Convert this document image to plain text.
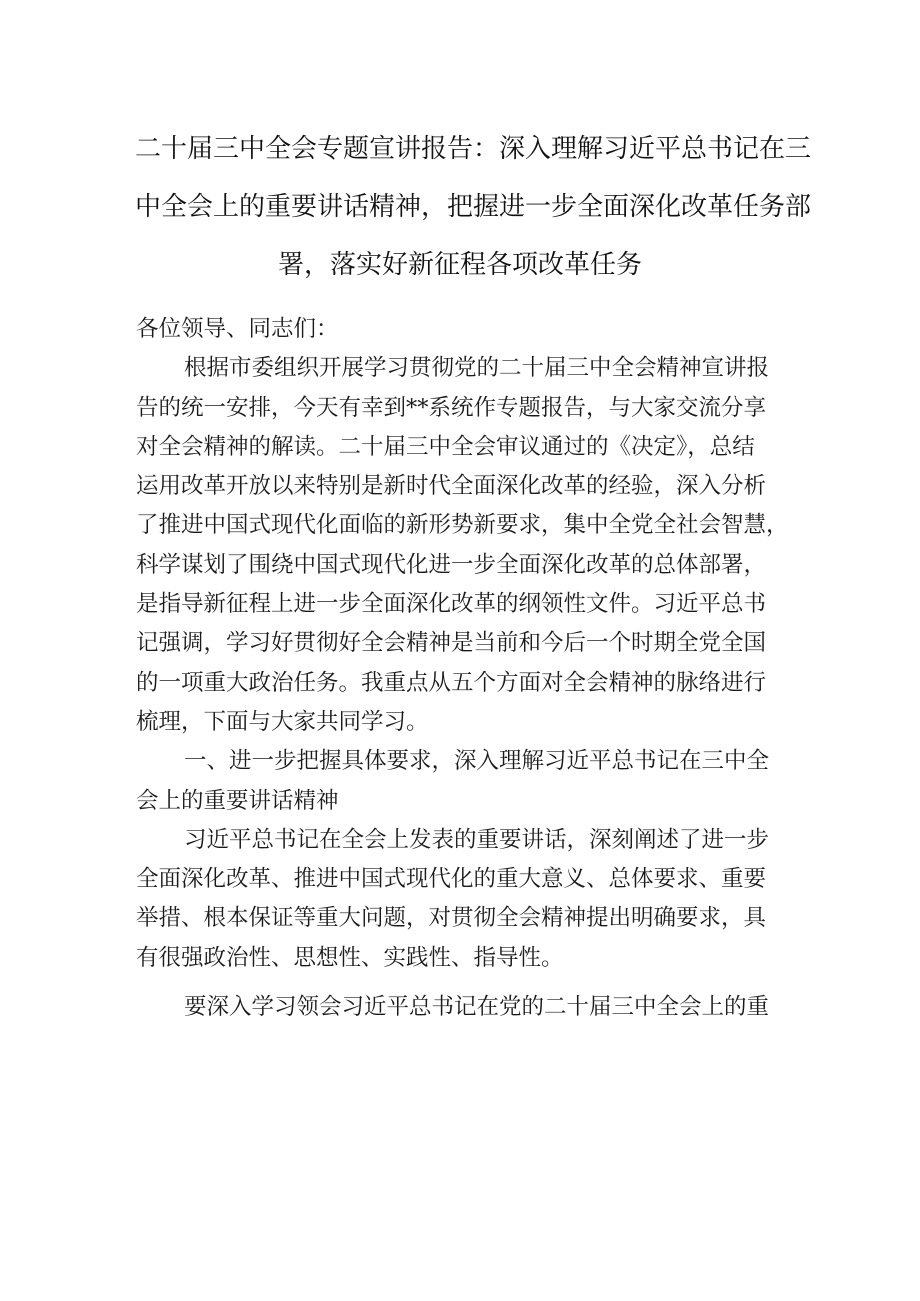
二十届三中全会专题宣讲报告：深入理解习近平总书记在三
中全会上的重要讲话精神，把握进一步全面深化改革任务部
署，落实好新征程各项改革任务
各位领导、同志们：
根据市委组织开展学习贯彻党的二十届三中全会精神宣讲报
告的统一安排，今天有幸到**系统作专题报告，与大家交流分享
对全会精神的解读。二十届三中全会审议通过的《决定》，总结
运用改革开放以来特别是新时代全面深化改革的经验，深入分析
了推进中国式现代化面临的新形势新要求，集中全党全社会智慧，
科学谋划了围绕中国式现代化进一步全面深化改革的总体部署，
是指导新征程上进一步全面深化改革的纲领性文件。习近平总书
记强调，学习好贯彻好全会精神是当前和今后一个时期全党全国
的一项重大政治任务。我重点从五个方面对全会精神的脉络进行
梳理，下面与大家共同学习。
一、进一步把握具体要求，深入理解习近平总书记在三中全
会上的重要讲话精神
习近平总书记在全会上发表的重要讲话，深刻阐述了进一步
全面深化改革、推进中国式现代化的重大意义、总体要求、重要
举措、根本保证等重大问题，对贯彻全会精神提出明确要求，具
有很强政治性、思想性、实践性、指导性。
要深入学习领会习近平总书记在党的二十届三中全会上的重
